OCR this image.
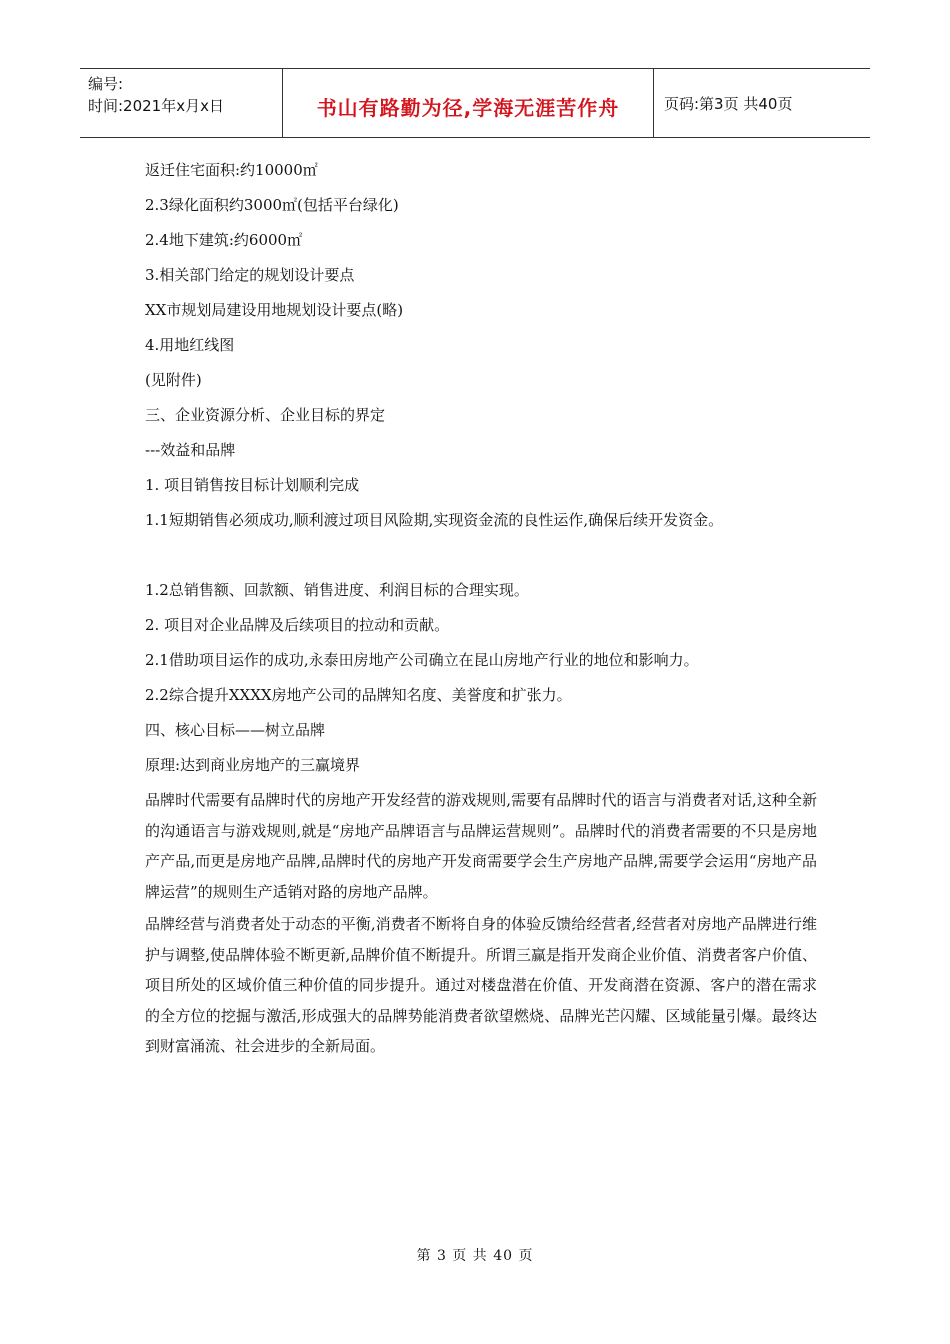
编号:
时间:2021年x月x日	书山有路勤为径,学海无涯苦作舟	页码:第3页 共40页
返迁住宅面积:约10000㎡
2.3绿化面积约3000㎡(包括平台绿化)
2.4地下建筑:约6000㎡
3.相关部门给定的规划设计要点
XX市规划局建设用地规划设计要点(略)
4.用地红线图
(见附件)
三、企业资源分析、企业目标的界定
---效益和品牌
1. 项目销售按目标计划顺利完成
1.1短期销售必须成功,顺利渡过项目风险期,实现资金流的良性运作,确保后续开发资金。
1.2总销售额、回款额、销售进度、利润目标的合理实现。
2. 项目对企业品牌及后续项目的拉动和贡献。
2.1借助项目运作的成功,永泰田房地产公司确立在昆山房地产行业的地位和影响力。
2.2综合提升XXXX房地产公司的品牌知名度、美誉度和扩张力。
四、核心目标——树立品牌
原理:达到商业房地产的三赢境界
品牌时代需要有品牌时代的房地产开发经营的游戏规则,需要有品牌时代的语言与消费者对话,这种全新的沟通语言与游戏规则,就是“房地产品牌语言与品牌运营规则”。品牌时代的消费者需要的不只是房地产产品,而更是房地产品牌,品牌时代的房地产开发商需要学会生产房地产品牌,需要学会运用“房地产品牌运营”的规则生产适销对路的房地产品牌。
品牌经营与消费者处于动态的平衡,消费者不断将自身的体验反馈给经营者,经营者对房地产品牌进行维护与调整,使品牌体验不断更新,品牌价值不断提升。所谓三赢是指开发商企业价值、消费者客户价值、项目所处的区域价值三种价值的同步提升。通过对楼盘潜在价值、开发商潜在资源、客户的潜在需求的全方位的挖掘与激活,形成强大的品牌势能消费者欲望燃烧、品牌光芒闪耀、区域能量引爆。最终达到财富涌流、社会进步的全新局面。
第 3 页 共 40 页
